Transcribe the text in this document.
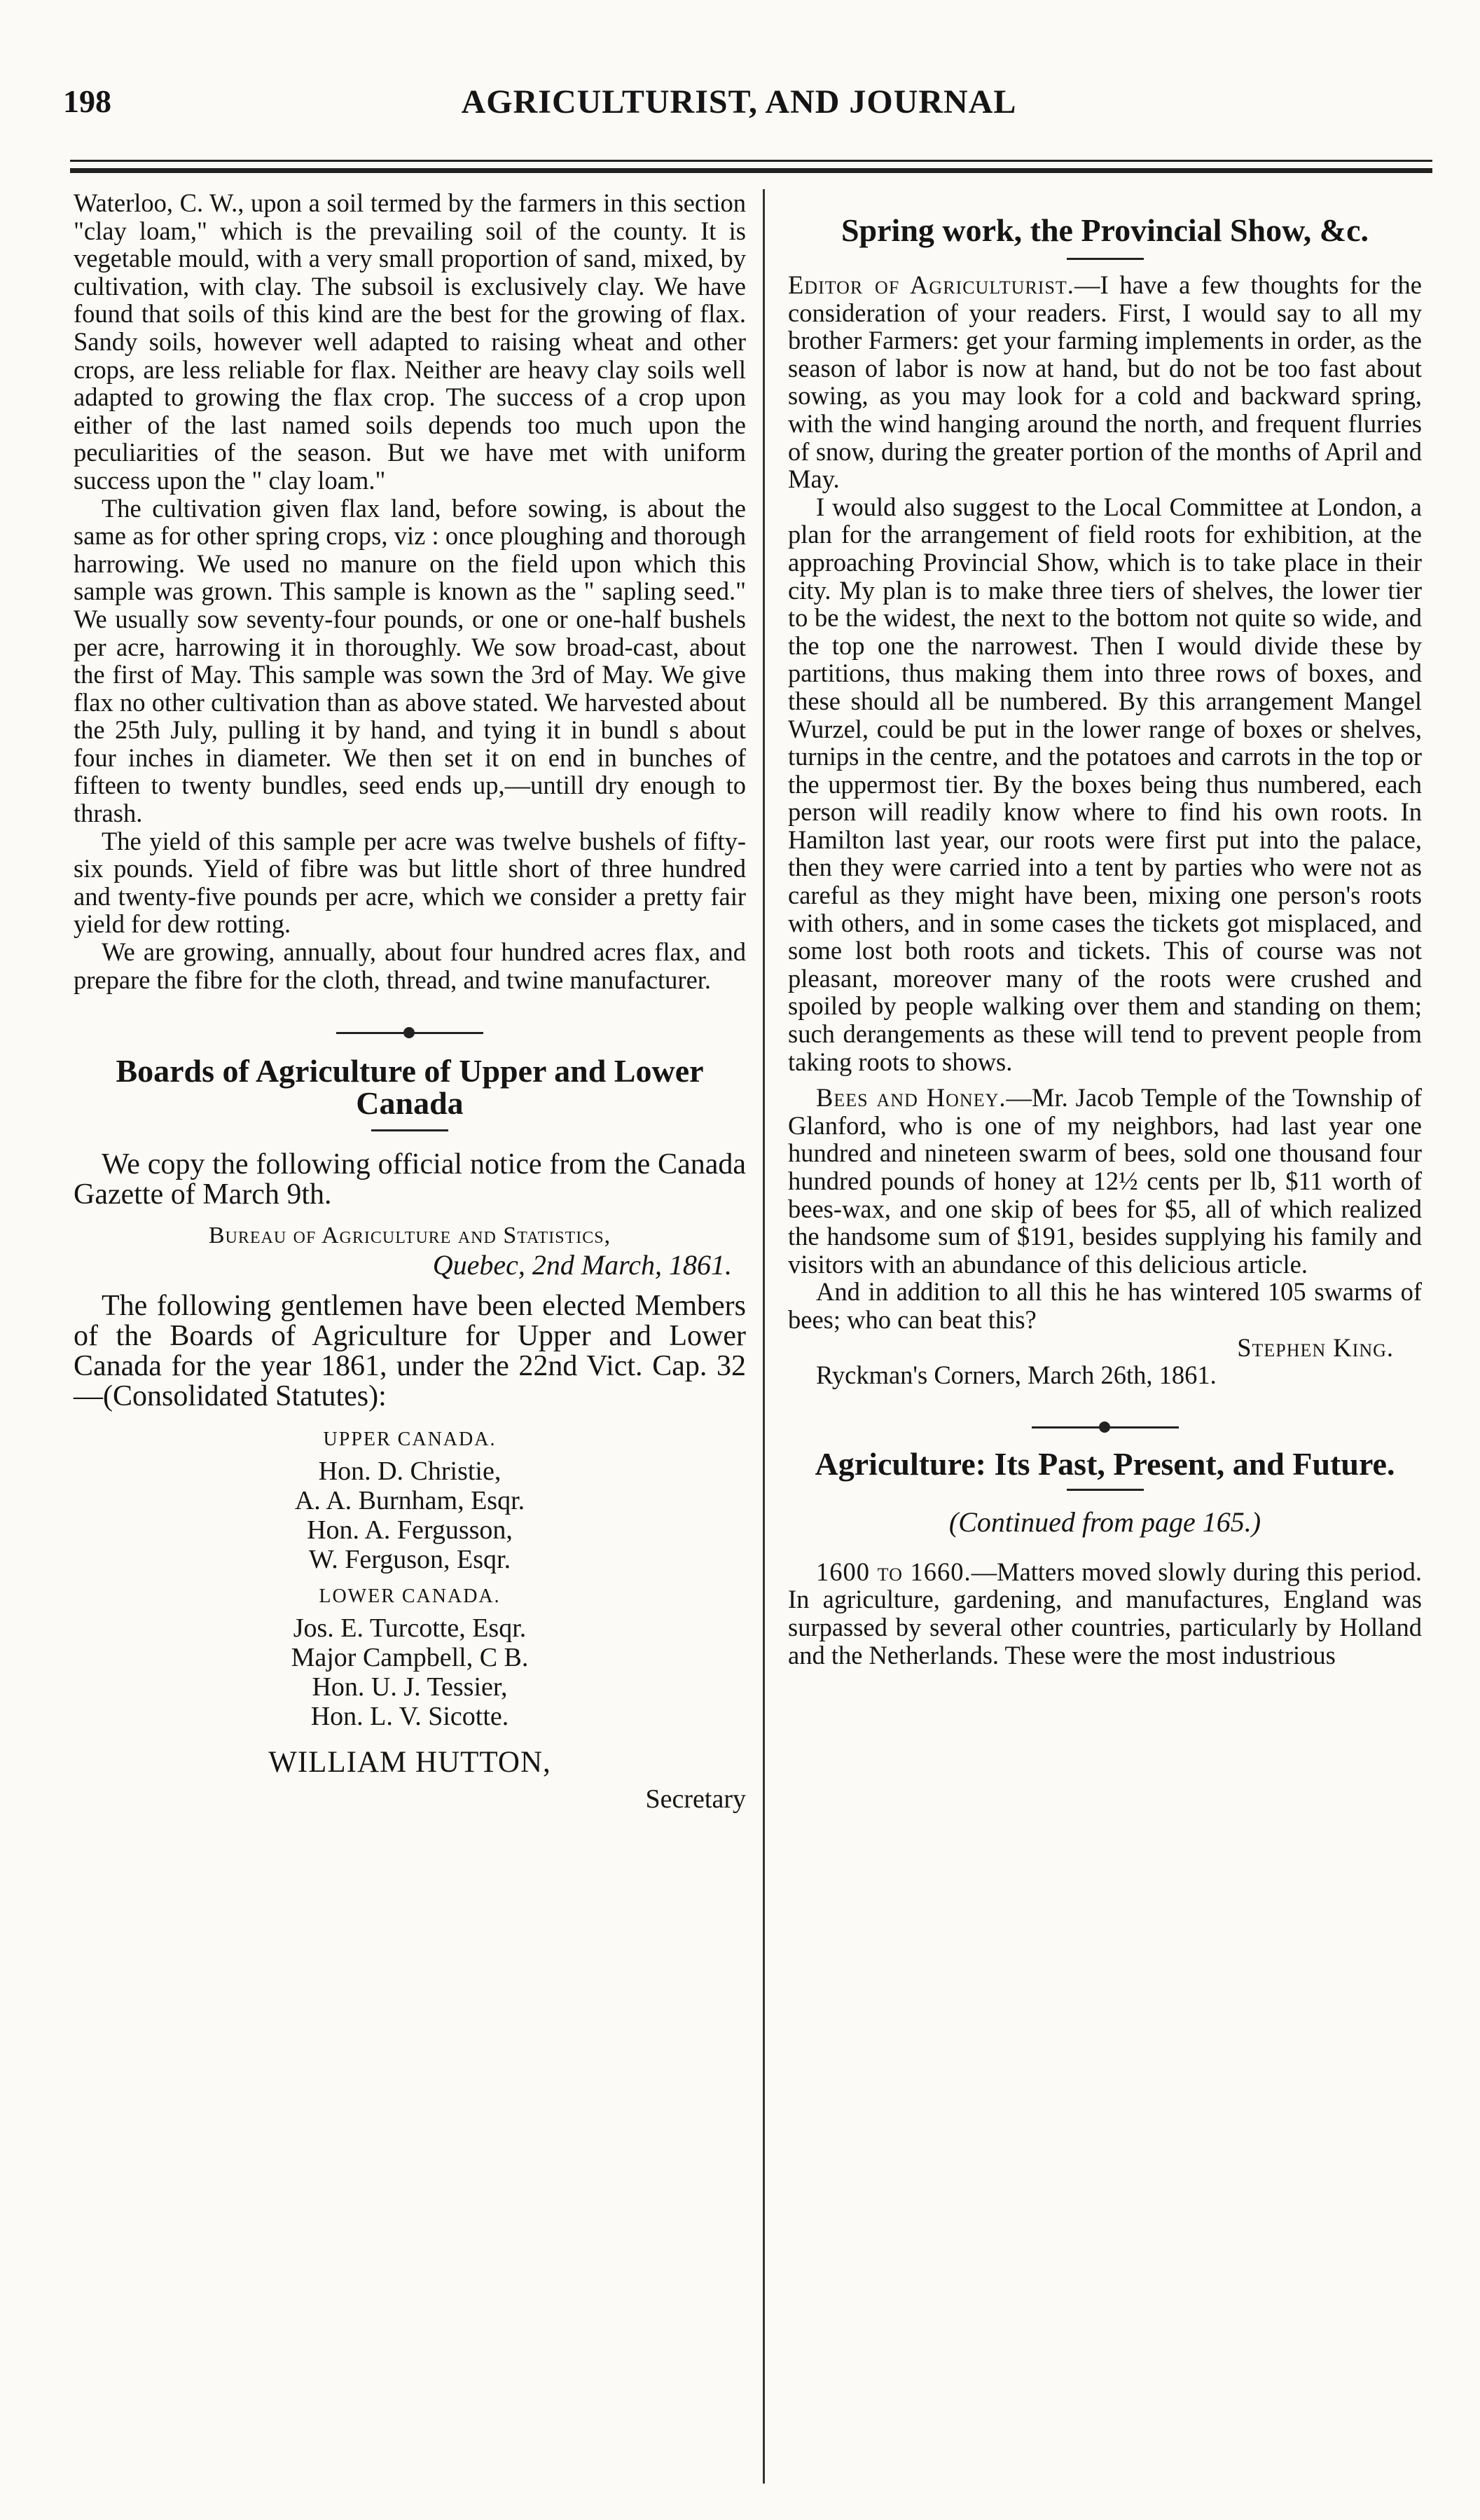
198	AGRICULTURIST, AND JOURNAL

Waterloo, C. W., upon a soil termed by the farmers in this section "clay loam," which is the prevailing soil of the county. It is vegetable mould, with a very small proportion of sand, mixed, by cultivation, with clay. The subsoil is exclusively clay. We have found that soils of this kind are the best for the growing of flax. Sandy soils, however well adapted to raising wheat and other crops, are less reliable for flax. Neither are heavy clay soils well adapted to growing the flax crop. The success of a crop upon either of the last named soils depends too much upon the peculiarities of the season. But we have met with uniform success upon the " clay loam."

The cultivation given flax land, before sowing, is about the same as for other spring crops, viz : once ploughing and thorough harrowing. We used no manure on the field upon which this sample was grown. This sample is known as the " sapling seed." We usually sow seventy-four pounds, or one or one-half bushels per acre, harrowing it in thoroughly. We sow broad-cast, about the first of May. This sample was sown the 3rd of May. We give flax no other cultivation than as above stated. We harvested about the 25th July, pulling it by hand, and tying it in bundl s about four inches in diameter. We then set it on end in bunches of fifteen to twenty bundles, seed ends up,—untill dry enough to thrash.

The yield of this sample per acre was twelve bushels of fifty-six pounds. Yield of fibre was but little short of three hundred and twenty-five pounds per acre, which we consider a pretty fair yield for dew rotting.

We are growing, annually, about four hundred acres flax, and prepare the fibre for the cloth, thread, and twine manufacturer.

Boards of Agriculture of Upper and Lower Canada

We copy the following official notice from the Canada Gazette of March 9th.

Bureau of Agriculture and Statistics,

Quebec, 2nd March, 1861.

The following gentlemen have been elected Members of the Boards of Agriculture for Upper and Lower Canada for the year 1861, under the 22nd Vict. Cap. 32—(Consolidated Statutes):

UPPER CANADA.

Hon. D. Christie,

A. A. Burnham, Esqr.

Hon. A. Fergusson,

W. Ferguson, Esqr.

LOWER CANADA.

Jos. E. Turcotte, Esqr.

Major Campbell, C B.

Hon. U. J. Tessier,

Hon. L. V. Sicotte.

WILLIAM HUTTON,

Secretary

Spring work, the Provincial Show, &c.

Editor of Agriculturist.—I have a few thoughts for the consideration of your readers. First, I would say to all my brother Farmers: get your farming implements in order, as the season of labor is now at hand, but do not be too fast about sowing, as you may look for a cold and backward spring, with the wind hanging around the north, and frequent flurries of snow, during the greater portion of the months of April and May.

I would also suggest to the Local Committee at London, a plan for the arrangement of field roots for exhibition, at the approaching Provincial Show, which is to take place in their city. My plan is to make three tiers of shelves, the lower tier to be the widest, the next to the bottom not quite so wide, and the top one the narrowest. Then I would divide these by partitions, thus making them into three rows of boxes, and these should all be numbered. By this arrangement Mangel Wurzel, could be put in the lower range of boxes or shelves, turnips in the centre, and the potatoes and carrots in the top or the uppermost tier. By the boxes being thus numbered, each person will readily know where to find his own roots. In Hamilton last year, our roots were first put into the palace, then they were carried into a tent by parties who were not as careful as they might have been, mixing one person's roots with others, and in some cases the tickets got misplaced, and some lost both roots and tickets. This of course was not pleasant, moreover many of the roots were crushed and spoiled by people walking over them and standing on them; such derangements as these will tend to prevent people from taking roots to shows.

Bees and Honey.—Mr. Jacob Temple of the Township of Glanford, who is one of my neighbors, had last year one hundred and nineteen swarm of bees, sold one thousand four hundred pounds of honey at 12½ cents per lb, $11 worth of bees-wax, and one skip of bees for $5, all of which realized the handsome sum of $191, besides supplying his family and visitors with an abundance of this delicious article.

And in addition to all this he has wintered 105 swarms of bees; who can beat this?

Stephen King.

Ryckman's Corners, March 26th, 1861.

Agriculture: Its Past, Present, and Future.

(Continued from page 165.)

1600 to 1660.—Matters moved slowly during this period. In agriculture, gardening, and manufactures, England was surpassed by several other countries, particularly by Holland and the Netherlands. These were the most industrious
